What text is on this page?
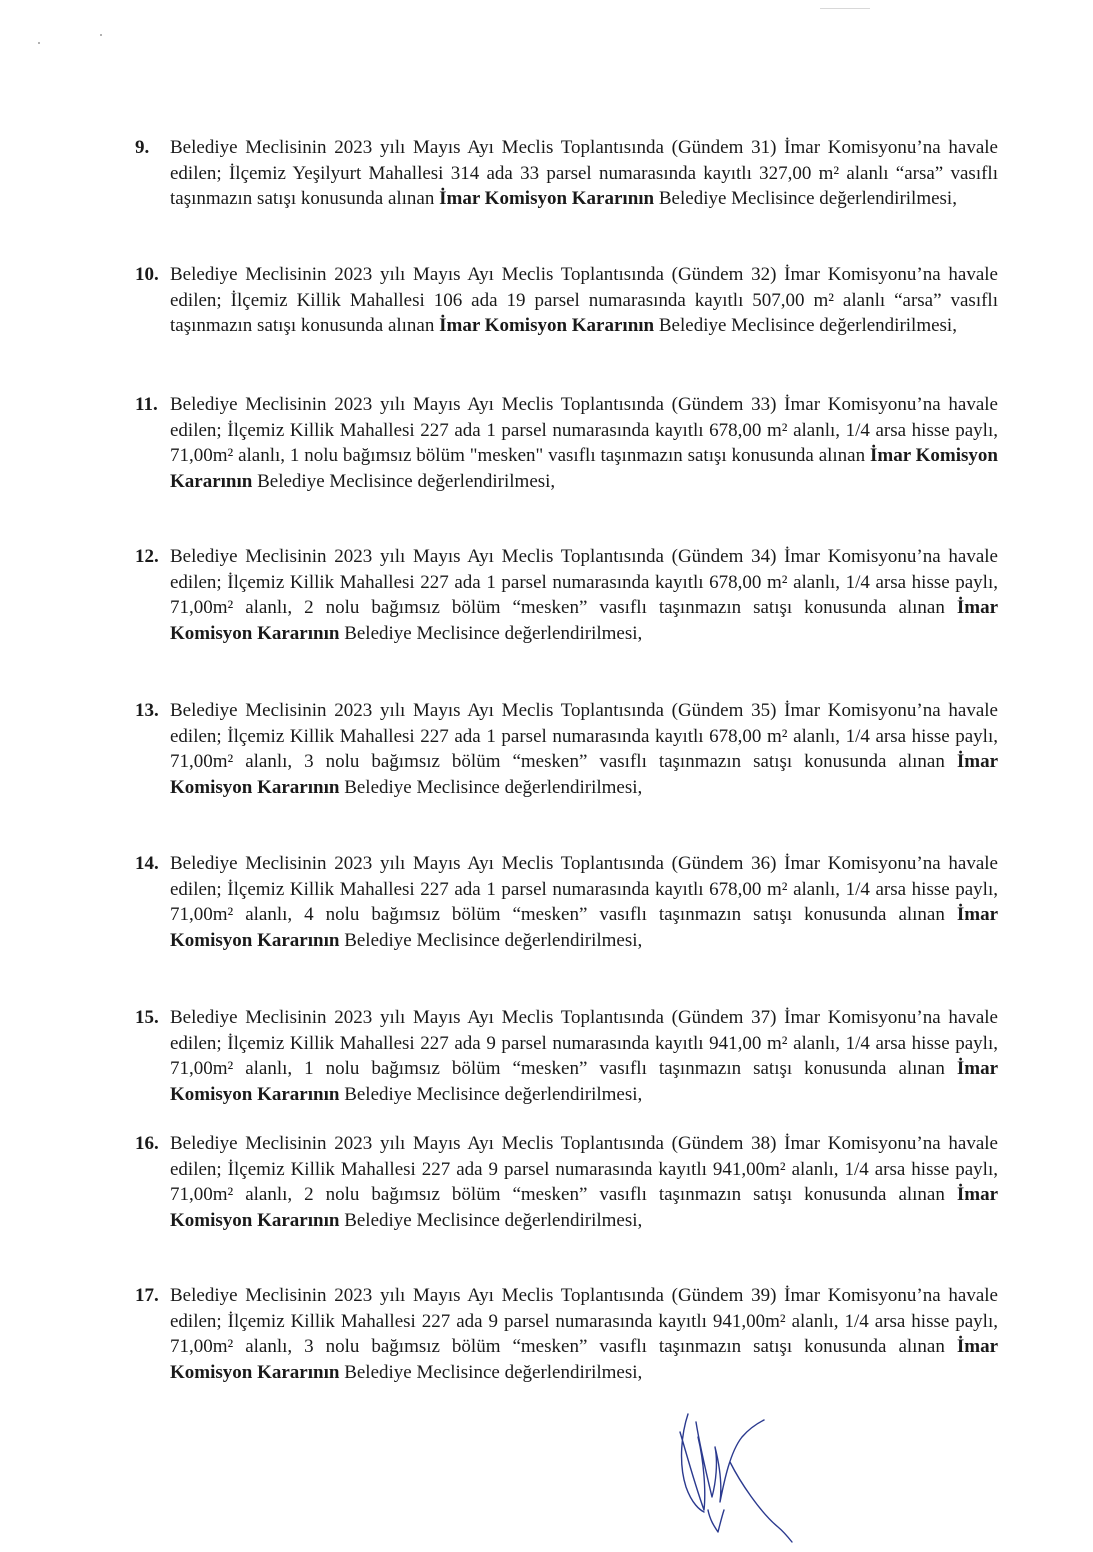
9. Belediye Meclisinin 2023 yılı Mayıs Ayı Meclis Toplantısında (Gündem 31) İmar Komisyonu’na havale edilen; İlçemiz Yeşilyurt Mahallesi 314 ada 33 parsel numarasında kayıtlı 327,00 m² alanlı “arsa” vasıflı taşınmazın satışı konusunda alınan İmar Komisyon Kararının Belediye Meclisince değerlendirilmesi,
10. Belediye Meclisinin 2023 yılı Mayıs Ayı Meclis Toplantısında (Gündem 32) İmar Komisyonu’na havale edilen; İlçemiz Killik Mahallesi 106 ada 19 parsel numarasında kayıtlı 507,00 m² alanlı “arsa” vasıflı taşınmazın satışı konusunda alınan İmar Komisyon Kararının Belediye Meclisince değerlendirilmesi,
11. Belediye Meclisinin 2023 yılı Mayıs Ayı Meclis Toplantısında (Gündem 33) İmar Komisyonu’na havale edilen; İlçemiz Killik Mahallesi 227 ada 1 parsel numarasında kayıtlı 678,00 m² alanlı, 1/4 arsa hisse paylı, 71,00m² alanlı, 1 nolu bağımsız bölüm "mesken" vasıflı taşınmazın satışı konusunda alınan İmar Komisyon Kararının Belediye Meclisince değerlendirilmesi,
12. Belediye Meclisinin 2023 yılı Mayıs Ayı Meclis Toplantısında (Gündem 34) İmar Komisyonu’na havale edilen; İlçemiz Killik Mahallesi 227 ada 1 parsel numarasında kayıtlı 678,00 m² alanlı, 1/4 arsa hisse paylı, 71,00m² alanlı, 2 nolu bağımsız bölüm “mesken” vasıflı taşınmazın satışı konusunda alınan İmar Komisyon Kararının Belediye Meclisince değerlendirilmesi,
13. Belediye Meclisinin 2023 yılı Mayıs Ayı Meclis Toplantısında (Gündem 35) İmar Komisyonu’na havale edilen; İlçemiz Killik Mahallesi 227 ada 1 parsel numarasında kayıtlı 678,00 m² alanlı, 1/4 arsa hisse paylı, 71,00m² alanlı, 3 nolu bağımsız bölüm “mesken” vasıflı taşınmazın satışı konusunda alınan İmar Komisyon Kararının Belediye Meclisince değerlendirilmesi,
14. Belediye Meclisinin 2023 yılı Mayıs Ayı Meclis Toplantısında (Gündem 36) İmar Komisyonu’na havale edilen; İlçemiz Killik Mahallesi 227 ada 1 parsel numarasında kayıtlı 678,00 m² alanlı, 1/4 arsa hisse paylı, 71,00m² alanlı, 4 nolu bağımsız bölüm “mesken” vasıflı taşınmazın satışı konusunda alınan İmar Komisyon Kararının Belediye Meclisince değerlendirilmesi,
15. Belediye Meclisinin 2023 yılı Mayıs Ayı Meclis Toplantısında (Gündem 37) İmar Komisyonu’na havale edilen; İlçemiz Killik Mahallesi 227 ada 9 parsel numarasında kayıtlı 941,00 m² alanlı, 1/4 arsa hisse paylı, 71,00m² alanlı, 1 nolu bağımsız bölüm “mesken” vasıflı taşınmazın satışı konusunda alınan İmar Komisyon Kararının Belediye Meclisince değerlendirilmesi,
16. Belediye Meclisinin 2023 yılı Mayıs Ayı Meclis Toplantısında (Gündem 38) İmar Komisyonu’na havale edilen; İlçemiz Killik Mahallesi 227 ada 9 parsel numarasında kayıtlı 941,00m² alanlı, 1/4 arsa hisse paylı, 71,00m² alanlı, 2 nolu bağımsız bölüm “mesken” vasıflı taşınmazın satışı konusunda alınan İmar Komisyon Kararının Belediye Meclisince değerlendirilmesi,
17. Belediye Meclisinin 2023 yılı Mayıs Ayı Meclis Toplantısında (Gündem 39) İmar Komisyonu’na havale edilen; İlçemiz Killik Mahallesi 227 ada 9 parsel numarasında kayıtlı 941,00m² alanlı, 1/4 arsa hisse paylı, 71,00m² alanlı, 3 nolu bağımsız bölüm “mesken” vasıflı taşınmazın satışı konusunda alınan İmar Komisyon Kararının Belediye Meclisince değerlendirilmesi,
